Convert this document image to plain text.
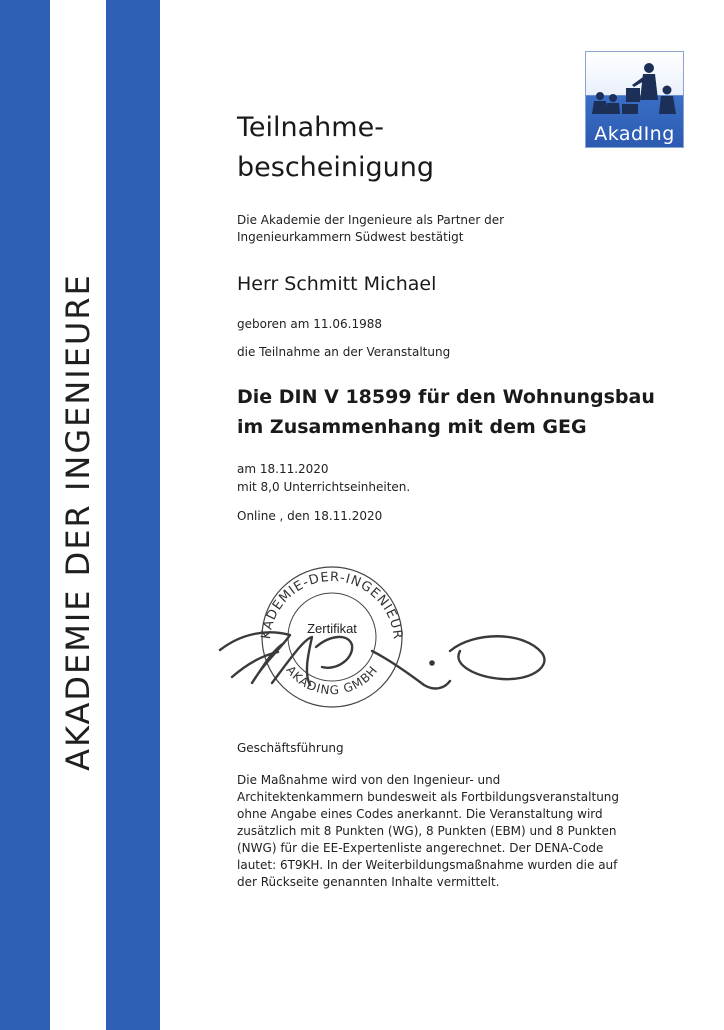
AKADEMIE DER INGENIEURE
AkadIng
Teilnahme-
bescheinigung
Die Akademie der Ingenieure als Partner der
Ingenieurkammern Südwest bestätigt
Herr Schmitt Michael
geboren am 11.06.1988
die Teilnahme an der Veranstaltung
Die DIN V 18599 für den Wohnungsbau
im Zusammenhang mit dem GEG
am 18.11.2020
mit 8,0 Unterrichtseinheiten.
Online , den 18.11.2020
KADEMIE-DER-INGENIEUR
AKADING GMBH
Zertifikat
Geschäftsführung
Die Maßnahme wird von den Ingenieur- und
Architektenkammern bundesweit als Fortbildungsveranstaltung
ohne Angabe eines Codes anerkannt. Die Veranstaltung wird
zusätzlich mit 8 Punkten (WG), 8 Punkten (EBM) und 8 Punkten
(NWG) für die EE-Expertenliste angerechnet. Der DENA-Code
lautet: 6T9KH. In der Weiterbildungsmaßnahme wurden die auf
der Rückseite genannten Inhalte vermittelt.
